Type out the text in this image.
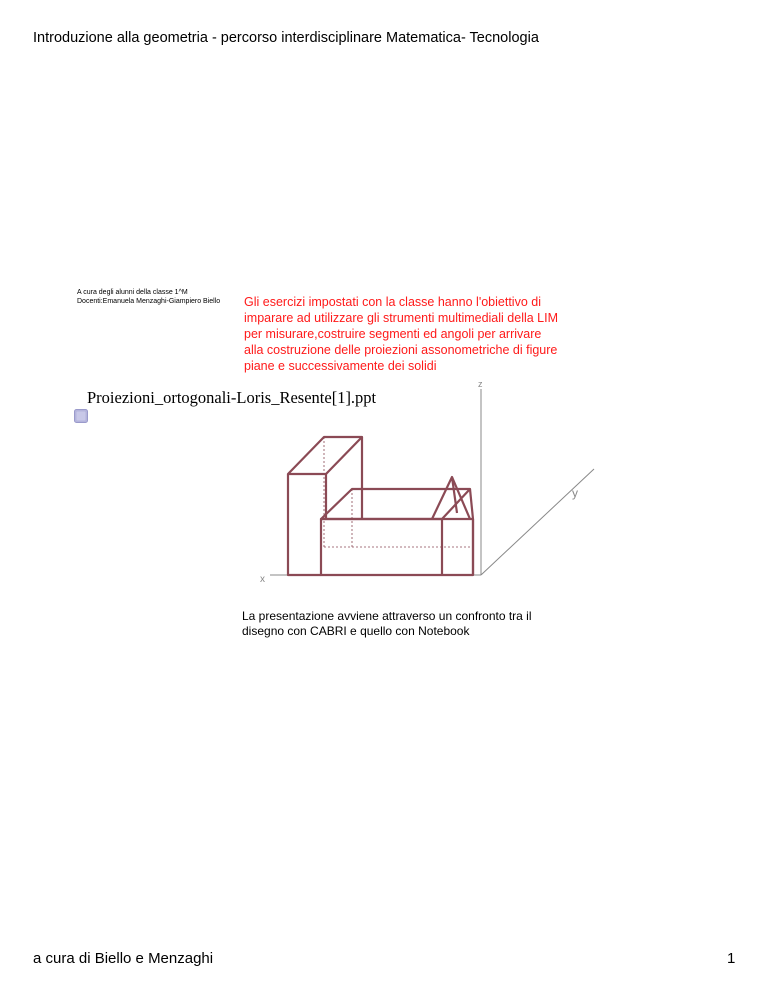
Introduzione alla geometria - percorso interdisciplinare Matematica- Tecnologia
A cura degli alunni della classe 1^M
Docenti:Emanuela Menzaghi-Giampiero Biello Gli esercizi impostati con la classe hanno l'obiettivo di imparare ad utilizzare gli strumenti multimediali della LIM per misurare,costruire segmenti ed angoli per arrivare alla costruzione delle proiezioni assonometriche di figure piane e successivamente dei solidi
Proiezioni_ortogonali-Loris_Resente[1].ppt
z
x
y
La presentazione avviene attraverso un confronto tra il disegno con CABRI e quello con Notebook
a cura di Biello e Menzaghi	1
